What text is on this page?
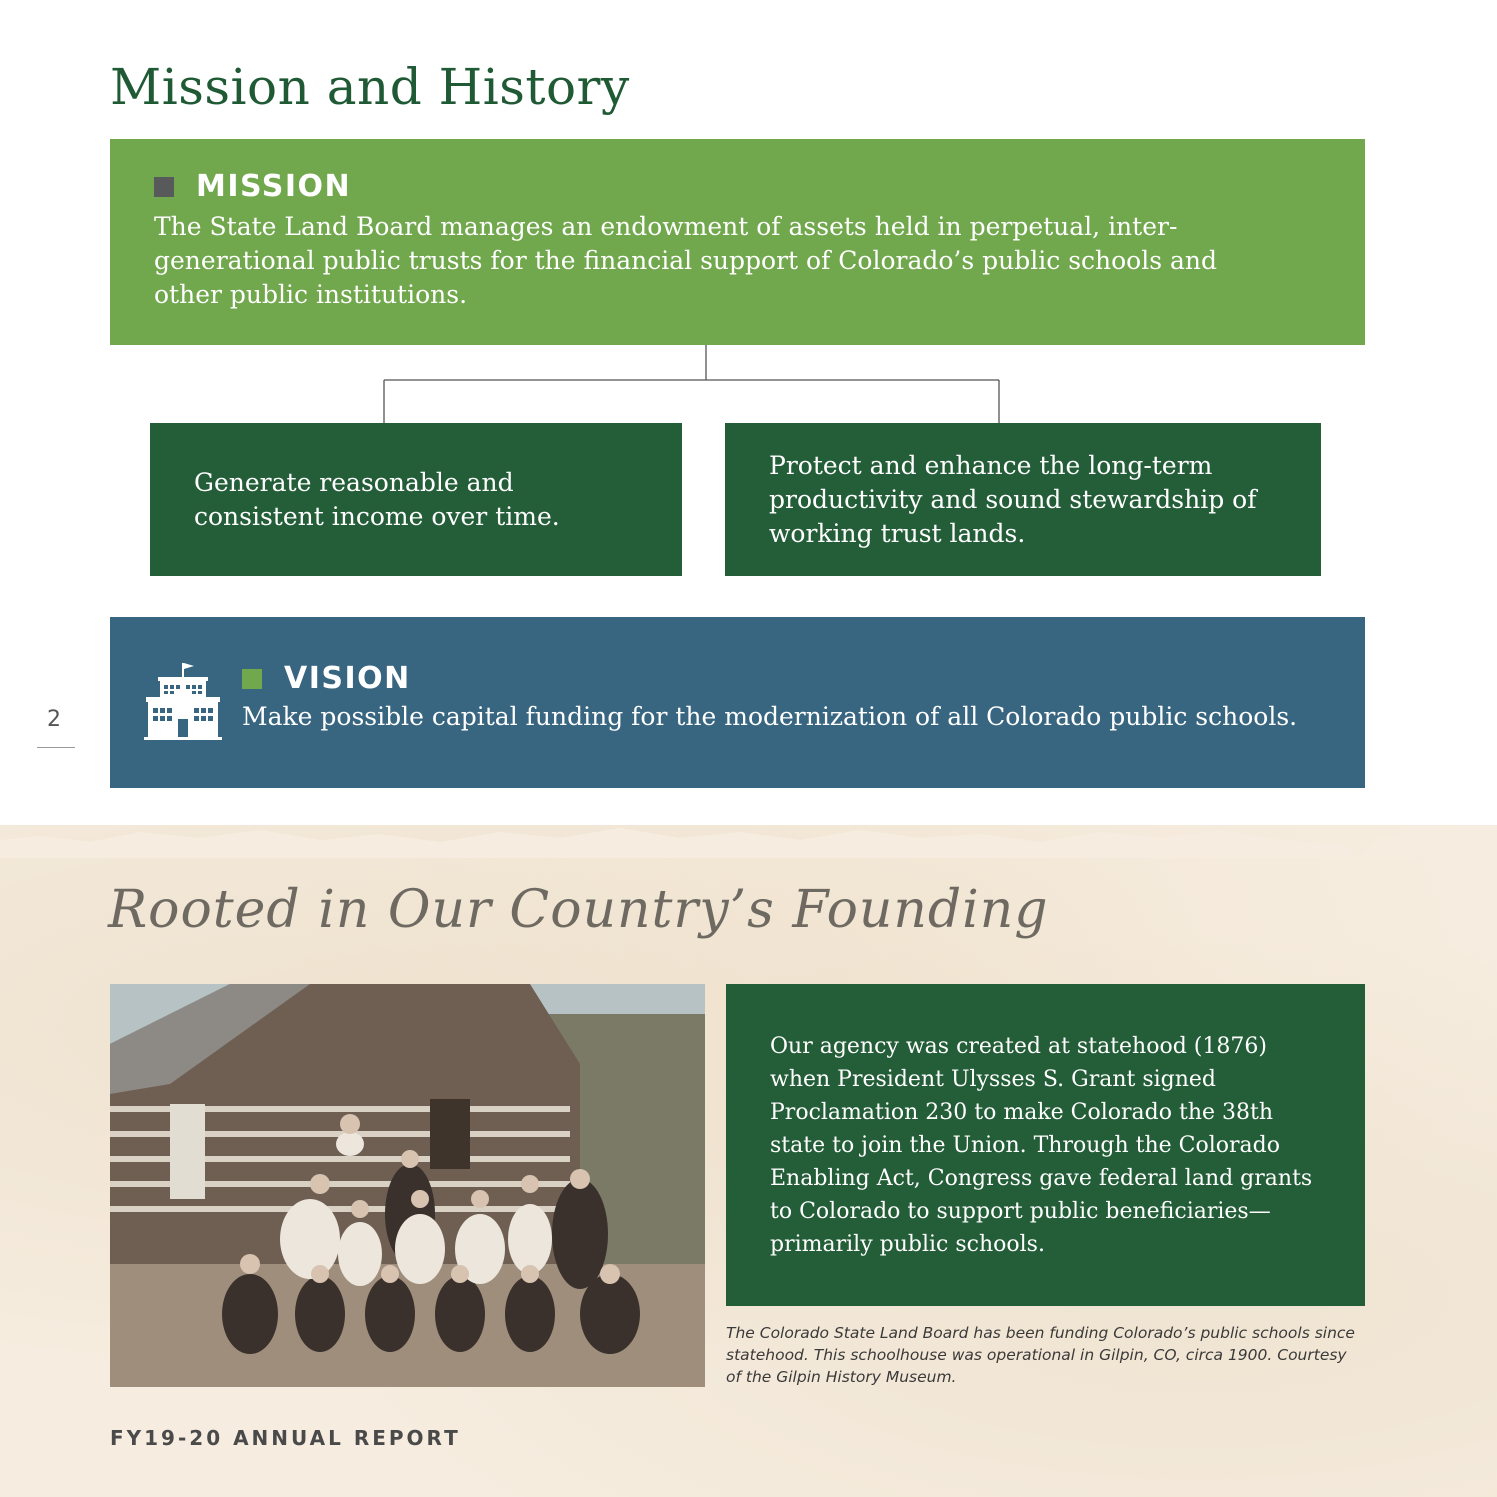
Mission and History
MISSION
The State Land Board manages an endowment of assets held in perpetual, inter-generational public trusts for the financial support of Colorado’s public schools and other public institutions.
Generate reasonable and consistent income over time.
Protect and enhance the long-term productivity and sound stewardship of working trust lands.
VISION
Make possible capital funding for the modernization of all Colorado public schools.
2
Rooted in Our Country’s Founding
Our agency was created at statehood (1876) when President Ulysses S. Grant signed Proclamation 230 to make Colorado the 38th state to join the Union. Through the Colorado Enabling Act, Congress gave federal land grants to Colorado to support public beneficiaries—primarily public schools.
The Colorado State Land Board has been funding Colorado’s public schools since statehood. This schoolhouse was operational in Gilpin, CO, circa 1900. Courtesy of the Gilpin History Museum.
FY19-20 ANNUAL REPORT
